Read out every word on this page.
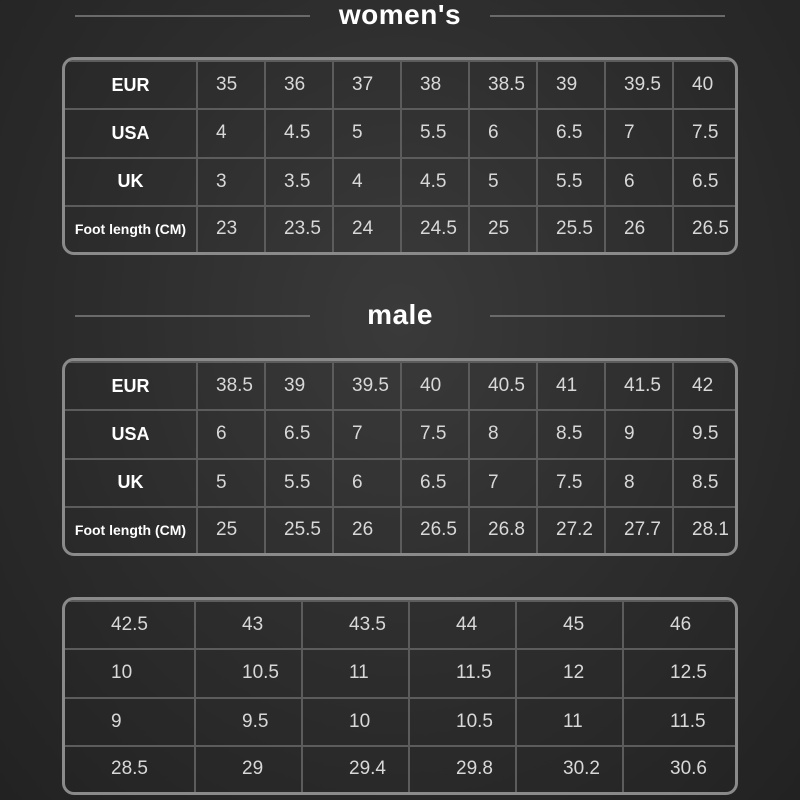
women's
EUR	35	36	37	38	38.5	39	39.5	40
USA	4	4.5	5	5.5	6	6.5	7	7.5
UK	3	3.5	4	4.5	5	5.5	6	6.5
Foot length (CM)	23	23.5	24	24.5	25	25.5	26	26.5
male
EUR	38.5	39	39.5	40	40.5	41	41.5	42
USA	6	6.5	7	7.5	8	8.5	9	9.5
UK	5	5.5	6	6.5	7	7.5	8	8.5
Foot length (CM)	25	25.5	26	26.5	26.8	27.2	27.7	28.1
42.5	43	43.5	44	45	46
10	10.5	11	11.5	12	12.5
9	9.5	10	10.5	11	11.5
28.5	29	29.4	29.8	30.2	30.6
